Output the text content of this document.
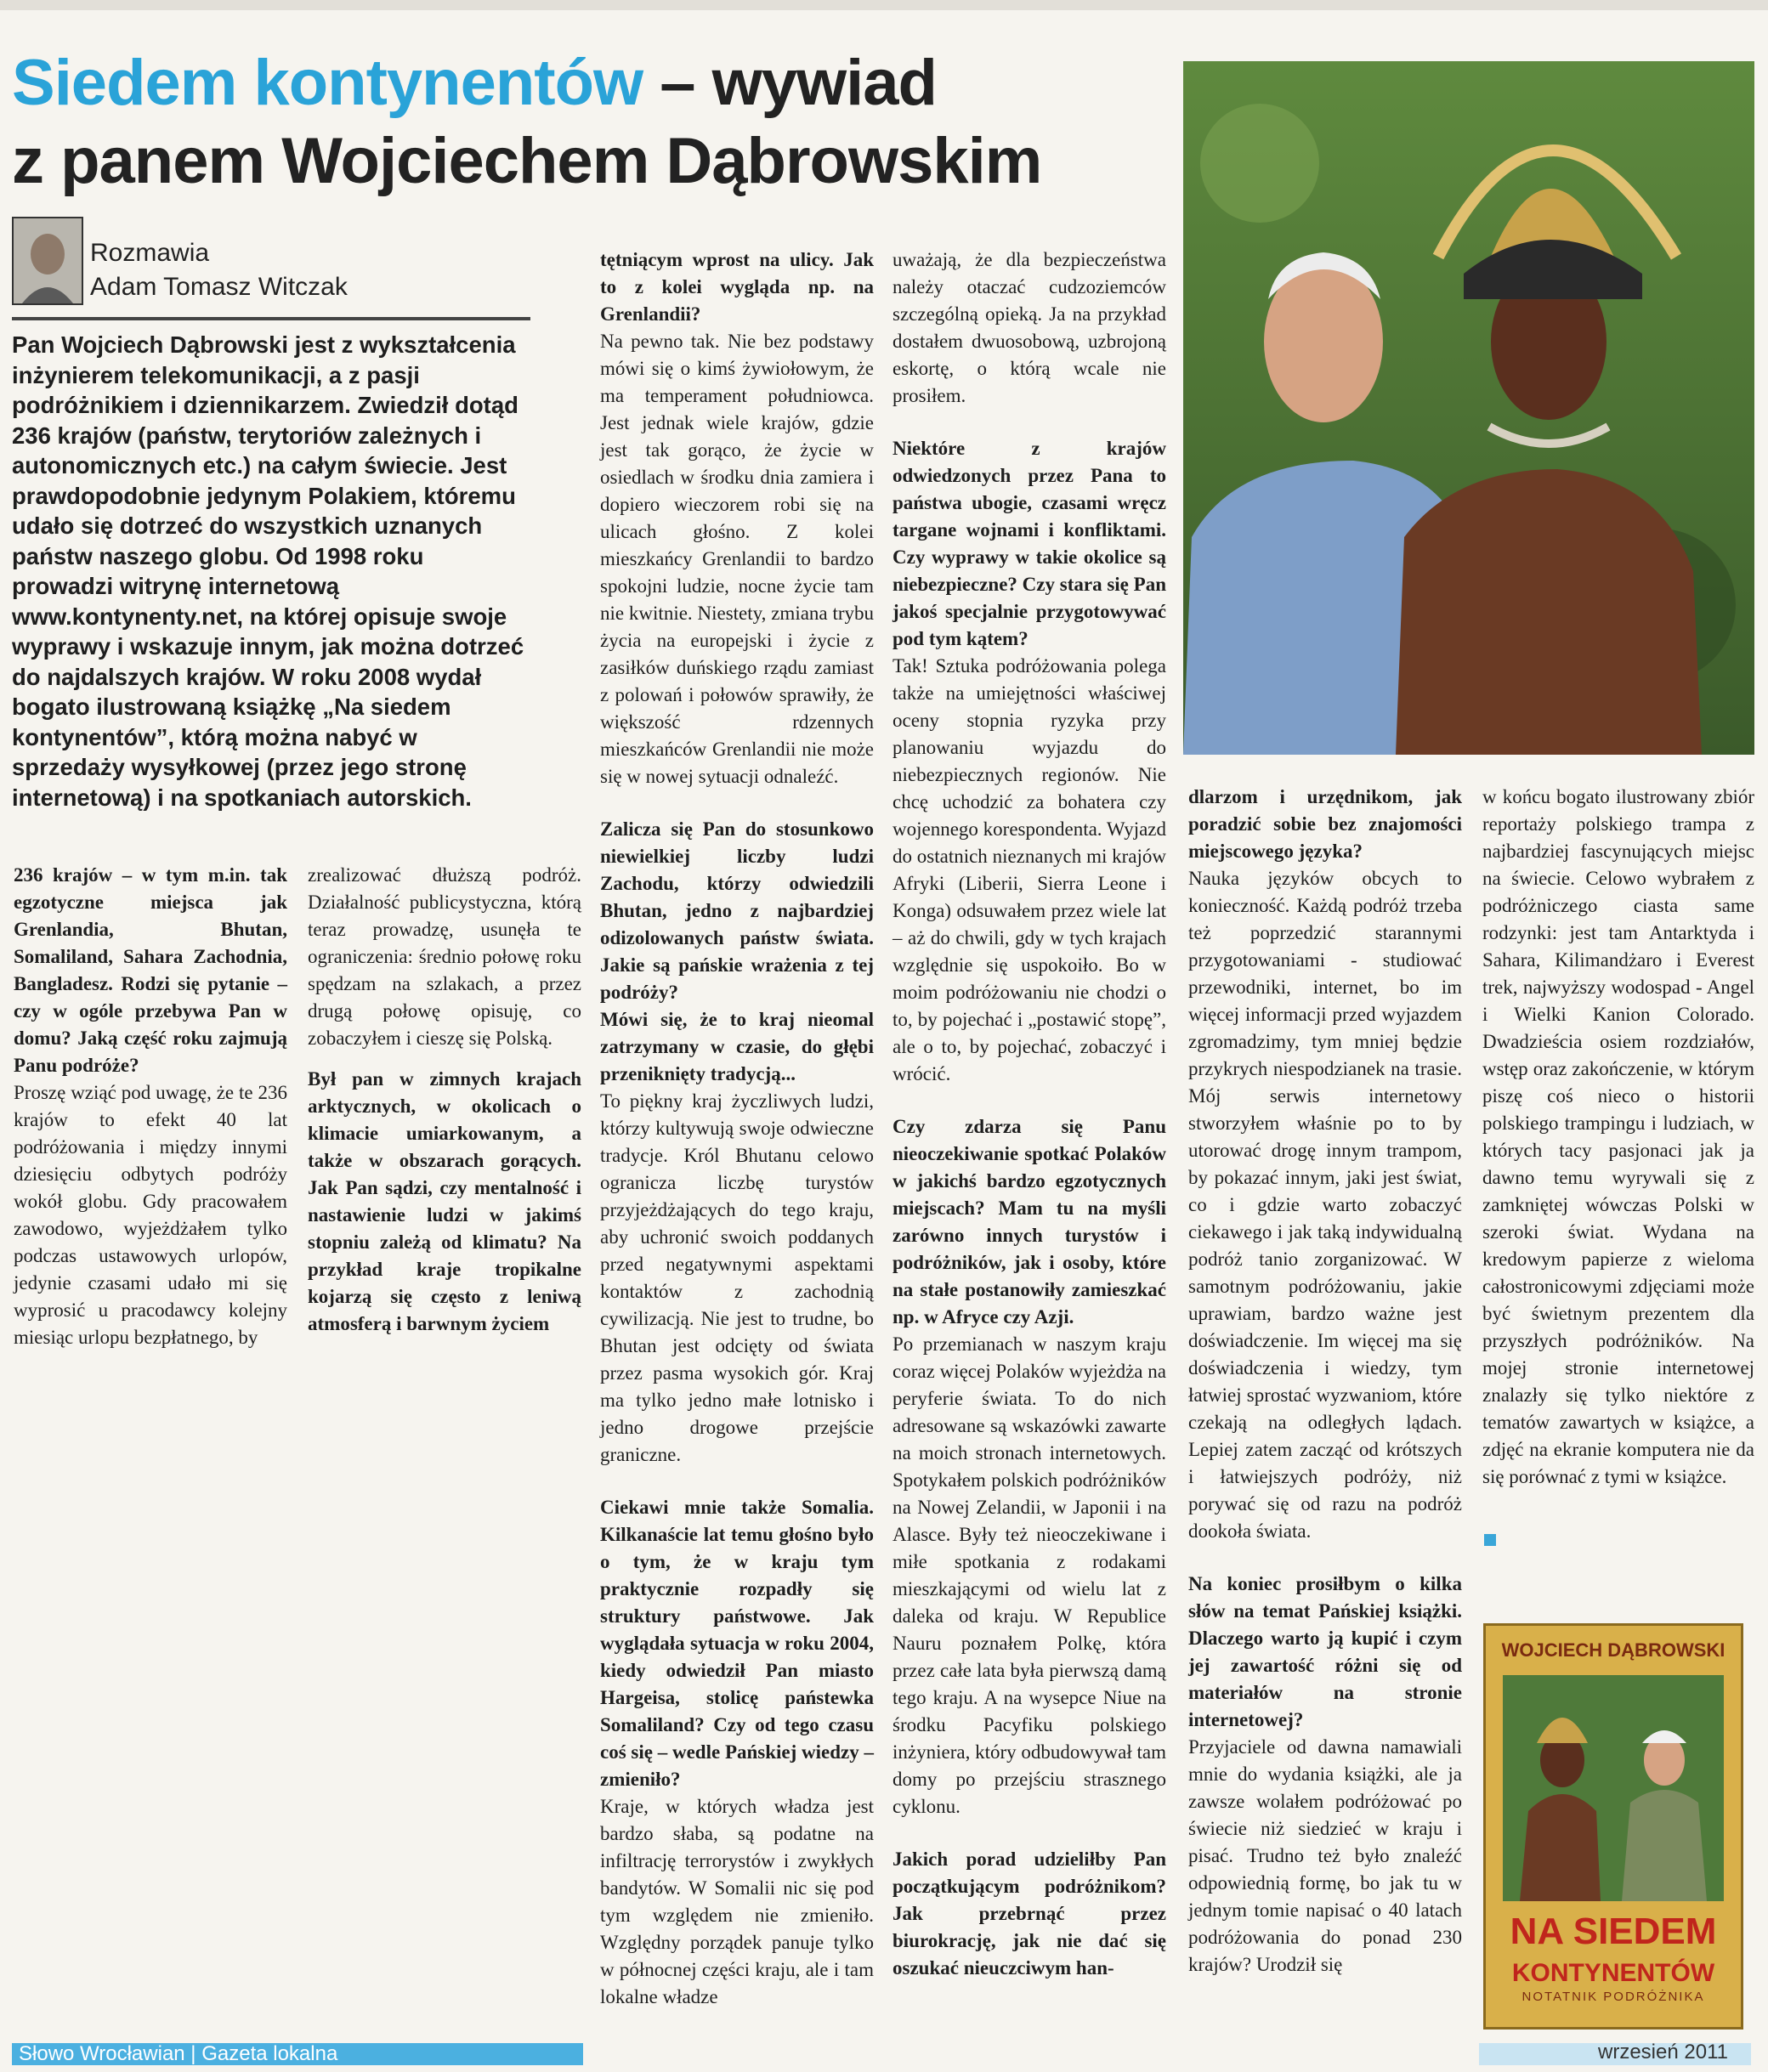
Siedem kontynentów – wywiad
z panem Wojciechem Dąbrowskim
Rozmawia
Adam Tomasz Witczak
Pan Wojciech Dąbrowski jest z wykształcenia inżynierem telekomunikacji, a z pasji podróżnikiem i dziennikarzem. Zwiedził dotąd 236 krajów (państw, terytoriów zależnych i autonomicznych etc.) na całym świecie. Jest prawdopodobnie jedynym Polakiem, któremu udało się dotrzeć do wszystkich uznanych państw naszego globu. Od 1998 roku prowadzi witrynę internetową www.kontynenty.net, na której opisuje swoje wyprawy i wskazuje innym, jak można dotrzeć do najdalszych krajów. W roku 2008 wydał bogato ilustrowaną książkę „Na siedem kontynentów”, którą można nabyć w sprzedaży wysyłkowej (przez jego stronę internetową) i na spotkaniach autorskich.

236 krajów – w tym m.in. tak egzotyczne miejsca jak Grenlandia, Bhutan, Somaliland, Sahara Zachodnia, Bangladesz. Rodzi się pytanie – czy w ogóle przebywa Pan w domu? Jaką część roku zajmują Panu podróże?

Proszę wziąć pod uwagę, że te 236 krajów to efekt 40 lat podróżowania i między innymi dziesięciu odbytych podróży wokół globu. Gdy pracowałem zawodowo, wyjeżdżałem tylko podczas ustawowych urlopów, jedynie czasami udało mi się wyprosić u pracodawcy kolejny miesiąc urlopu bezpłatnego, by

zrealizować dłuższą podróż. Działalność publicystyczna, którą teraz prowadzę, usunęła te ograniczenia: średnio połowę roku spędzam na szlakach, a przez drugą połowę opisuję, co zobaczyłem i cieszę się Polską.

Był pan w zimnych krajach arktycznych, w okolicach o klimacie umiarkowanym, a także w obszarach gorących. Jak Pan sądzi, czy mentalność i nastawienie ludzi w jakimś stopniu zależą od klimatu? Na przykład kraje tropikalne kojarzą się często z leniwą atmosferą i barwnym życiem

tętniącym wprost na ulicy. Jak to z kolei wygląda np. na Grenlandii?

Na pewno tak. Nie bez podstawy mówi się o kimś żywiołowym, że ma temperament południowca. Jest jednak wiele krajów, gdzie jest tak gorąco, że życie w osiedlach w środku dnia zamiera i dopiero wieczorem robi się na ulicach głośno. Z kolei mieszkańcy Grenlandii to bardzo spokojni ludzie, nocne życie tam nie kwitnie. Niestety, zmiana trybu życia na europejski i życie z zasiłków duńskiego rządu zamiast z polowań i połowów sprawiły, że większość rdzennych mieszkańców Grenlandii nie może się w nowej sytuacji odnaleźć.

Zalicza się Pan do stosunkowo niewielkiej liczby ludzi Zachodu, którzy odwiedzili Bhutan, jedno z najbardziej odizolowanych państw świata. Jakie są pańskie wrażenia z tej podróży?

Mówi się, że to kraj nieomal zatrzymany w czasie, do głębi przeniknięty tradycją...

To piękny kraj życzliwych ludzi, którzy kultywują swoje odwieczne tradycje. Król Bhutanu celowo ogranicza liczbę turystów przyjeżdżających do tego kraju, aby uchronić swoich poddanych przed negatywnymi aspektami kontaktów z zachodnią cywilizacją. Nie jest to trudne, bo Bhutan jest odcięty od świata przez pasma wysokich gór. Kraj ma tylko jedno małe lotnisko i jedno drogowe przejście graniczne.

Ciekawi mnie także Somalia. Kilkanaście lat temu głośno było o tym, że w kraju tym praktycznie rozpadły się struktury państwowe. Jak wyglądała sytuacja w roku 2004, kiedy odwiedził Pan miasto Hargeisa, stolicę państewka Somaliland? Czy od tego czasu coś się – wedle Pańskiej wiedzy – zmieniło?

Kraje, w których władza jest bardzo słaba, są podatne na infiltrację terrorystów i zwykłych bandytów. W Somalii nic się pod tym względem nie zmieniło. Względny porządek panuje tylko w północnej części kraju, ale i tam lokalne władze

uważają, że dla bezpieczeństwa należy otaczać cudzoziemców szczególną opieką. Ja na przykład dostałem dwuosobową, uzbrojoną eskortę, o którą wcale nie prosiłem.

Niektóre z krajów odwiedzonych przez Pana to państwa ubogie, czasami wręcz targane wojnami i konfliktami. Czy wyprawy w takie okolice są niebezpieczne? Czy stara się Pan jakoś specjalnie przygotowywać pod tym kątem?

Tak! Sztuka podróżowania polega także na umiejętności właściwej oceny stopnia ryzyka przy planowaniu wyjazdu do niebezpiecznych regionów. Nie chcę uchodzić za bohatera czy wojennego korespondenta. Wyjazd do ostatnich nieznanych mi krajów Afryki (Liberii, Sierra Leone i Konga) odsuwałem przez wiele lat – aż do chwili, gdy w tych krajach względnie się uspokoiło. Bo w moim podróżowaniu nie chodzi o to, by pojechać i „postawić stopę”, ale o to, by pojechać, zobaczyć i wrócić.

Czy zdarza się Panu nieoczekiwanie spotkać Polaków w jakichś bardzo egzotycznych miejscach? Mam tu na myśli zarówno innych turystów i podróżników, jak i osoby, które na stałe postanowiły zamieszkać np. w Afryce czy Azji.

Po przemianach w naszym kraju coraz więcej Polaków wyjeżdża na peryferie świata. To do nich adresowane są wskazówki zawarte na moich stronach internetowych. Spotykałem polskich podróżników na Nowej Zelandii, w Japonii i na Alasce. Były też nieoczekiwane i miłe spotkania z rodakami mieszkającymi od wielu lat z daleka od kraju. W Republice Nauru poznałem Polkę, która przez całe lata była pierwszą damą tego kraju. A na wysepce Niue na środku Pacyfiku polskiego inżyniera, który odbudowywał tam domy po przejściu strasznego cyklonu.

Jakich porad udzieliłby Pan początkującym podróżnikom? Jak przebrnąć przez biurokrację, jak nie dać się oszukać nieuczciwym han-

dlarzom i urzędnikom, jak poradzić sobie bez znajomości miejscowego języka?

Nauka języków obcych to konieczność. Każdą podróż trzeba też poprzedzić starannymi przygotowaniami - studiować przewodniki, internet, bo im więcej informacji przed wyjazdem zgromadzimy, tym mniej będzie przykrych niespodzianek na trasie. Mój serwis internetowy stworzyłem właśnie po to by utorować drogę innym trampom, by pokazać innym, jaki jest świat, co i gdzie warto zobaczyć ciekawego i jak taką indywidualną podróż tanio zorganizować. W samotnym podróżowaniu, jakie uprawiam, bardzo ważne jest doświadczenie. Im więcej ma się doświadczenia i wiedzy, tym łatwiej sprostać wyzwaniom, które czekają na odległych lądach. Lepiej zatem zacząć od krótszych i łatwiejszych podróży, niż porywać się od razu na podróż dookoła świata.

Na koniec prosiłbym o kilka słów na temat Pańskiej książki. Dlaczego warto ją kupić i czym jej zawartość różni się od materiałów na stronie internetowej?

Przyjaciele od dawna namawiali mnie do wydania książki, ale ja zawsze wolałem podróżować po świecie niż siedzieć w kraju i pisać. Trudno też było znaleźć odpowiednią formę, bo jak tu w jednym tomie napisać o 40 latach podróżowania do ponad 230 krajów? Urodził się

w końcu bogato ilustrowany zbiór reportaży polskiego trampa z najbardziej fascynujących miejsc na świecie. Celowo wybrałem z podróżniczego ciasta same rodzynki: jest tam Antarktyda i Sahara, Kilimandżaro i Everest trek, najwyższy wodospad - Angel i Wielki Kanion Colorado. Dwadzieścia osiem rozdziałów, wstęp oraz zakończenie, w którym piszę coś nieco o historii polskiego trampingu i ludziach, w których tacy pasjonaci jak ja dawno temu wyrywali się z zamkniętej wówczas Polski w szeroki świat. Wydana na kredowym papierze z wieloma całostronicowymi zdjęciami może być świetnym prezentem dla przyszłych podróżników. Na mojej stronie internetowej znalazły się tylko niektóre z tematów zawartych w książce, a zdjęć na ekranie komputera nie da się porównać z tymi w książce.

WOJCIECH DĄBROWSKI
NA SIEDEM
KONTYNENTÓW
NOTATNIK PODRÓŻNIKA
Słowo Wrocławian | Gazeta lokalna	wrzesień 2011
